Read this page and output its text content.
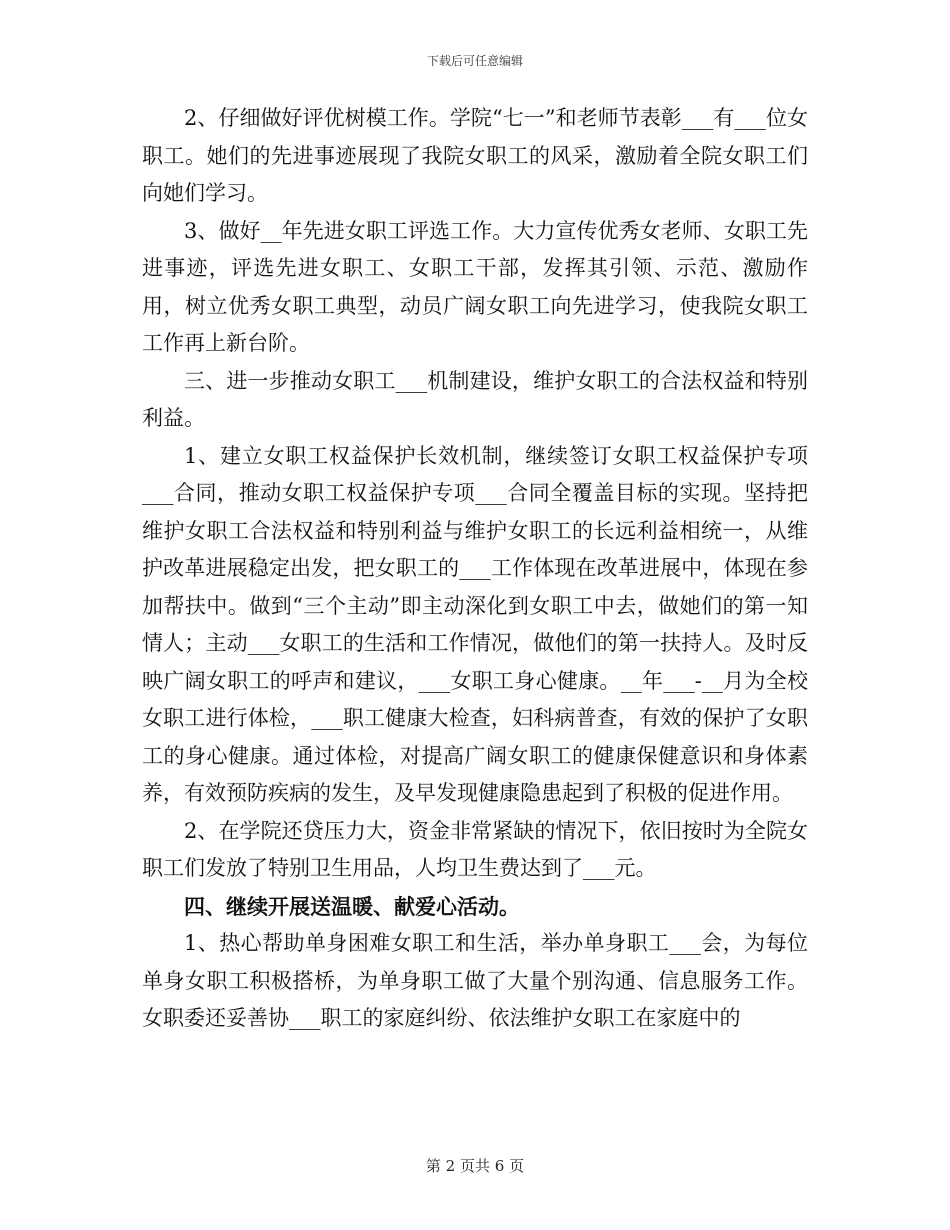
下载后可任意编辑

2、仔细做好评优树模工作。学院“七一”和老师节表彰___有___位女职工。她们的先进事迹展现了我院女职工的风采，激励着全院女职工们向她们学习。

3、做好__年先进女职工评选工作。大力宣传优秀女老师、女职工先进事迹，评选先进女职工、女职工干部，发挥其引领、示范、激励作用，树立优秀女职工典型，动员广阔女职工向先进学习，使我院女职工工作再上新台阶。

三、进一步推动女职工___机制建设，维护女职工的合法权益和特别利益。

1、建立女职工权益保护长效机制，继续签订女职工权益保护专项___合同，推动女职工权益保护专项___合同全覆盖目标的实现。坚持把维护女职工合法权益和特别利益与维护女职工的长远利益相统一，从维护改革进展稳定出发，把女职工的___工作体现在改革进展中，体现在参加帮扶中。做到“三个主动”即主动深化到女职工中去，做她们的第一知情人；主动___女职工的生活和工作情况，做他们的第一扶持人。及时反映广阔女职工的呼声和建议，___女职工身心健康。__年___-__月为全校女职工进行体检，___职工健康大检查，妇科病普查，有效的保护了女职工的身心健康。通过体检，对提高广阔女职工的健康保健意识和身体素养，有效预防疾病的发生，及早发现健康隐患起到了积极的促进作用。

2、在学院还贷压力大，资金非常紧缺的情况下，依旧按时为全院女职工们发放了特别卫生用品，人均卫生费达到了___元。

四、继续开展送温暖、献爱心活动。

1、热心帮助单身困难女职工和生活，举办单身职工___会，为每位单身女职工积极搭桥，为单身职工做了大量个别沟通、信息服务工作。女职委还妥善协___职工的家庭纠纷、依法维护女职工在家庭中的

第 2 页共 6 页
